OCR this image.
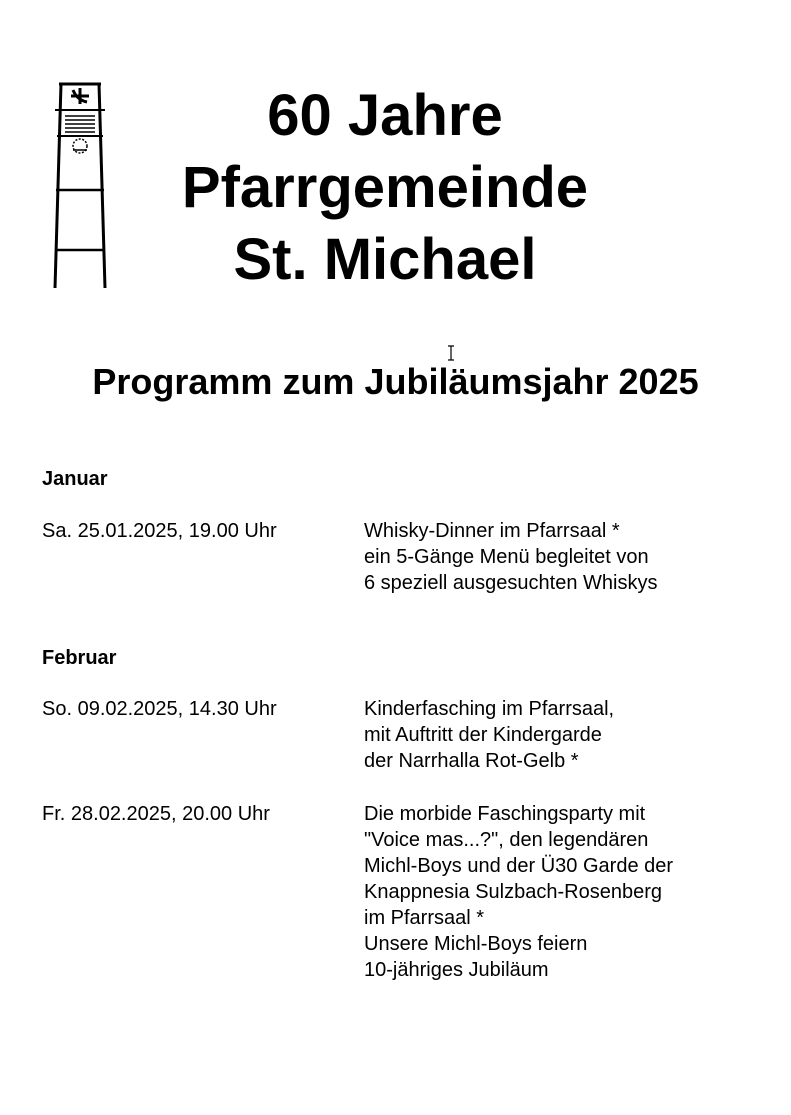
60 Jahre
Pfarrgemeinde
St. Michael
Programm zum Jubiläumsjahr 2025
Januar
Sa. 25.01.2025, 19.00 Uhr	Whisky-Dinner im Pfarrsaal *
ein 5-Gänge Menü begleitet von
6 speziell ausgesuchten Whiskys
Februar
So. 09.02.2025, 14.30 Uhr	Kinderfasching im Pfarrsaal,
mit Auftritt der Kindergarde
der Narrhalla Rot-Gelb *
Fr. 28.02.2025, 20.00 Uhr	Die morbide Faschingsparty mit
"Voice mas...?", den legendären
Michl-Boys und der Ü30 Garde der
Knappnesia Sulzbach-Rosenberg
im Pfarrsaal *
Unsere Michl-Boys feiern
10-jähriges Jubiläum
